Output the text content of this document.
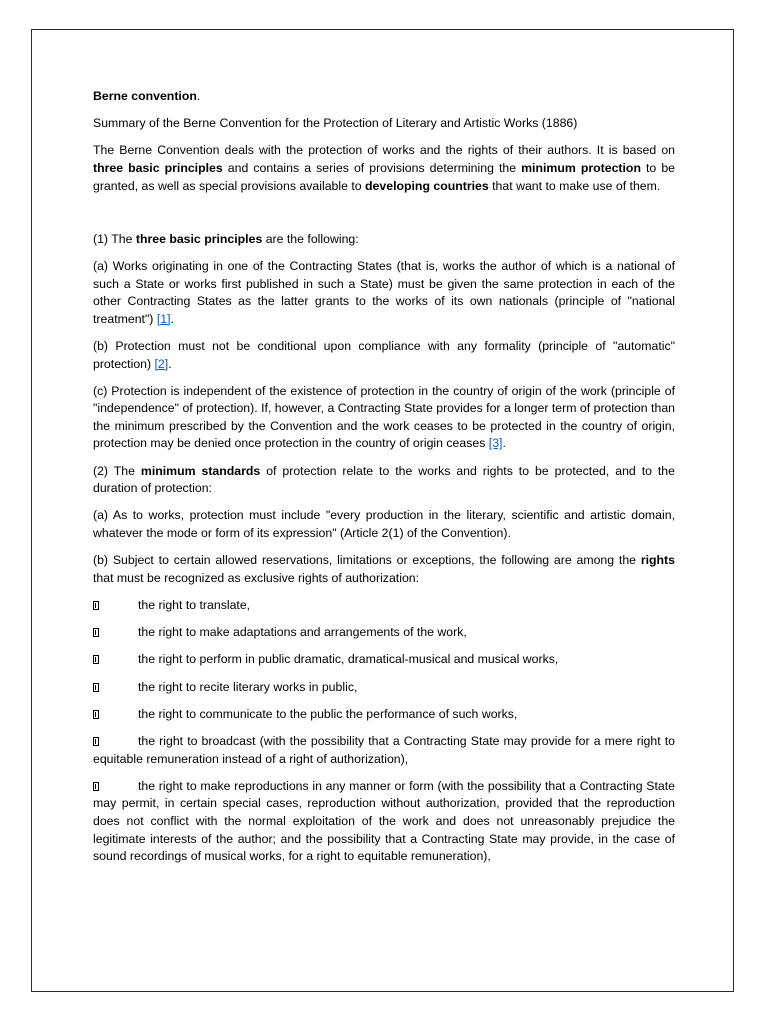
Berne convention.

Summary of the Berne Convention for the Protection of Literary and Artistic Works (1886)

The Berne Convention deals with the protection of works and the rights of their authors. It is based on three basic principles and contains a series of provisions determining the minimum protection to be granted, as well as special provisions available to developing countries that want to make use of them.

(1) The three basic principles are the following:

(a) Works originating in one of the Contracting States (that is, works the author of which is a national of such a State or works first published in such a State) must be given the same protection in each of the other Contracting States as the latter grants to the works of its own nationals (principle of "national treatment") [1].

(b) Protection must not be conditional upon compliance with any formality (principle of "automatic" protection) [2].

(c) Protection is independent of the existence of protection in the country of origin of the work (principle of "independence" of protection). If, however, a Contracting State provides for a longer term of protection than the minimum prescribed by the Convention and the work ceases to be protected in the country of origin, protection may be denied once protection in the country of origin ceases [3].

(2) The minimum standards of protection relate to the works and rights to be protected, and to the duration of protection:

(a) As to works, protection must include "every production in the literary, scientific and artistic domain, whatever the mode or form of its expression" (Article 2(1) of the Convention).

(b) Subject to certain allowed reservations, limitations or exceptions, the following are among the rights that must be recognized as exclusive rights of authorization:

the right to translate,
the right to make adaptations and arrangements of the work,
the right to perform in public dramatic, dramatical-musical and musical works,
the right to recite literary works in public,
the right to communicate to the public the performance of such works,
the right to broadcast (with the possibility that a Contracting State may provide for a mere right to equitable remuneration instead of a right of authorization),
the right to make reproductions in any manner or form (with the possibility that a Contracting State may permit, in certain special cases, reproduction without authorization, provided that the reproduction does not conflict with the normal exploitation of the work and does not unreasonably prejudice the legitimate interests of the author; and the possibility that a Contracting State may provide, in the case of sound recordings of musical works, for a right to equitable remuneration),
